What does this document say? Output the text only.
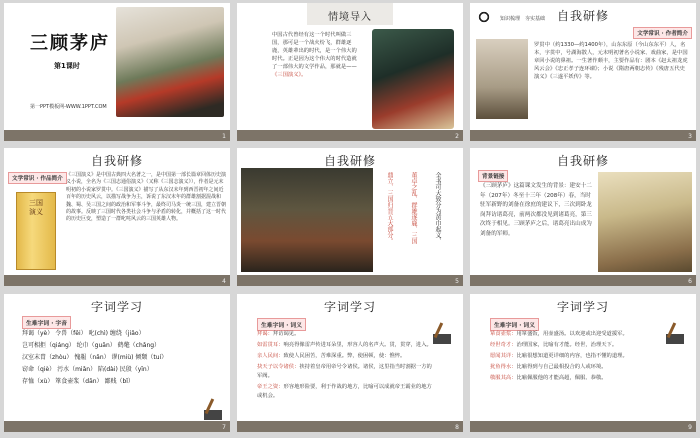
三顾茅庐
第1课时
第一PPT模板网-WWW.1PPT.COM
1
情境导入
中国古代曾经有这一个时代叫做三国，那可是一个战火纷飞，群雄逐鹿，英雄辈出的时代，是一个伟大的时代。正是因为这个伟大的时代造就了一部伟大的文学作品，那就是——《三国演义》。
2
自我研修
知识梳理　夯实基础
文学常识 · 作者简介
罗贯中（约1330—约1400年），山东东原（今山东东平）人，名本，字贯中，号湖海散人，元末明初著名小说家、戏曲家，是中国章回小说的鼻祖。一生著作颇丰，主要作品有：剧本《赵太祖龙虎风云会》《忠正孝子连环谏》；小说《隋唐两朝志传》《残唐五代史演义》《三遂平妖传》等。
3
自我研修
文学常识 · 作品简介
三国演义
《三国演义》是中国古典四大名著之一，是中国第一部长篇章回体历史演义小说，全名为《三国志通俗演义》（又称《三国志演义》），作者是元末明初的小说家罗贯中。《三国演义》描写了从东汉末年到西晋初年之间近百年的历史风云，以描写战争为主，诉说了东汉末年的群雄割据混战和魏、蜀、吴三国之间的政治和军事斗争，最终司马炎一统三国，建立晋朝的故事。反映了三国时代各类社会斗争与矛盾的转化，并概括了这一时代的历史巨变，塑造了一群叱咤风云的三国英雄人物。
4
自我研修
全书可大致分为黄巾起义、
董卓之乱、群雄逐鹿、三国
鼎立、三国归晋五大部分。
5
自我研修
背景链接
《三顾茅庐》这篇课文发生的背景：建安十二年（207年）冬至十三年（208年）春，当时驻军新野的刘备在徐庶的建议下，三次到卧龙岗拜访诸葛亮，前两次都没见到诸葛亮，第三次终于相见。三顾茅庐之后，诸葛亮出山成为刘备的军师。
6
字词学习
生难字词 · 字音
拜谒（yè） 令兽（fěi） 叱(chì) 缠绕（jiǎo）
岂可相拒（qiáng） 纶巾（guān） 鹤氅（chǎng）
汉室末胄（zhòu） 愧赧（nǎn） 谬(miù) 倾颓（tuí）
窃命（qiè） 污水（miǎn） 陷(dài) 民殷（yīn）
存恤（xù） 箪食壶浆（dān） 鄙贱（bǐ）
7
字词学习
生难字词 · 词义
拜谒：拜访谒见。
如雷贯耳：响亮得像雷声传进耳朵里，形容人的名声大。贯，贯穿，进入。
亲人民间：致使人民困苦，苦难深重。弊，使困顿，使：憔悴。
抉天子以令诸侯：挟持着皇帝用帝号令诸侯。诸侯，这里指当时割据一方的军阀。
帝王之资：形容地形险要，利于作战的地方，比喻可以成就帝王霸业的地方或机会。
8
字词学习
生难字词 · 词义
箪食壶浆：用箪盛饭，用壶盛汤。以欢迎或出迎受道援军。
经世奇才：治理国家，比喻有才能。经世，治理天下。
愿闻其详：比喻很想知道更详细的内容，也指不懂的道理。
犹鱼得水：比喻得到与自己最相投合的人或环境。
敬服其高：比喻佩服他的才能高超，佩服、恭敬。
9
